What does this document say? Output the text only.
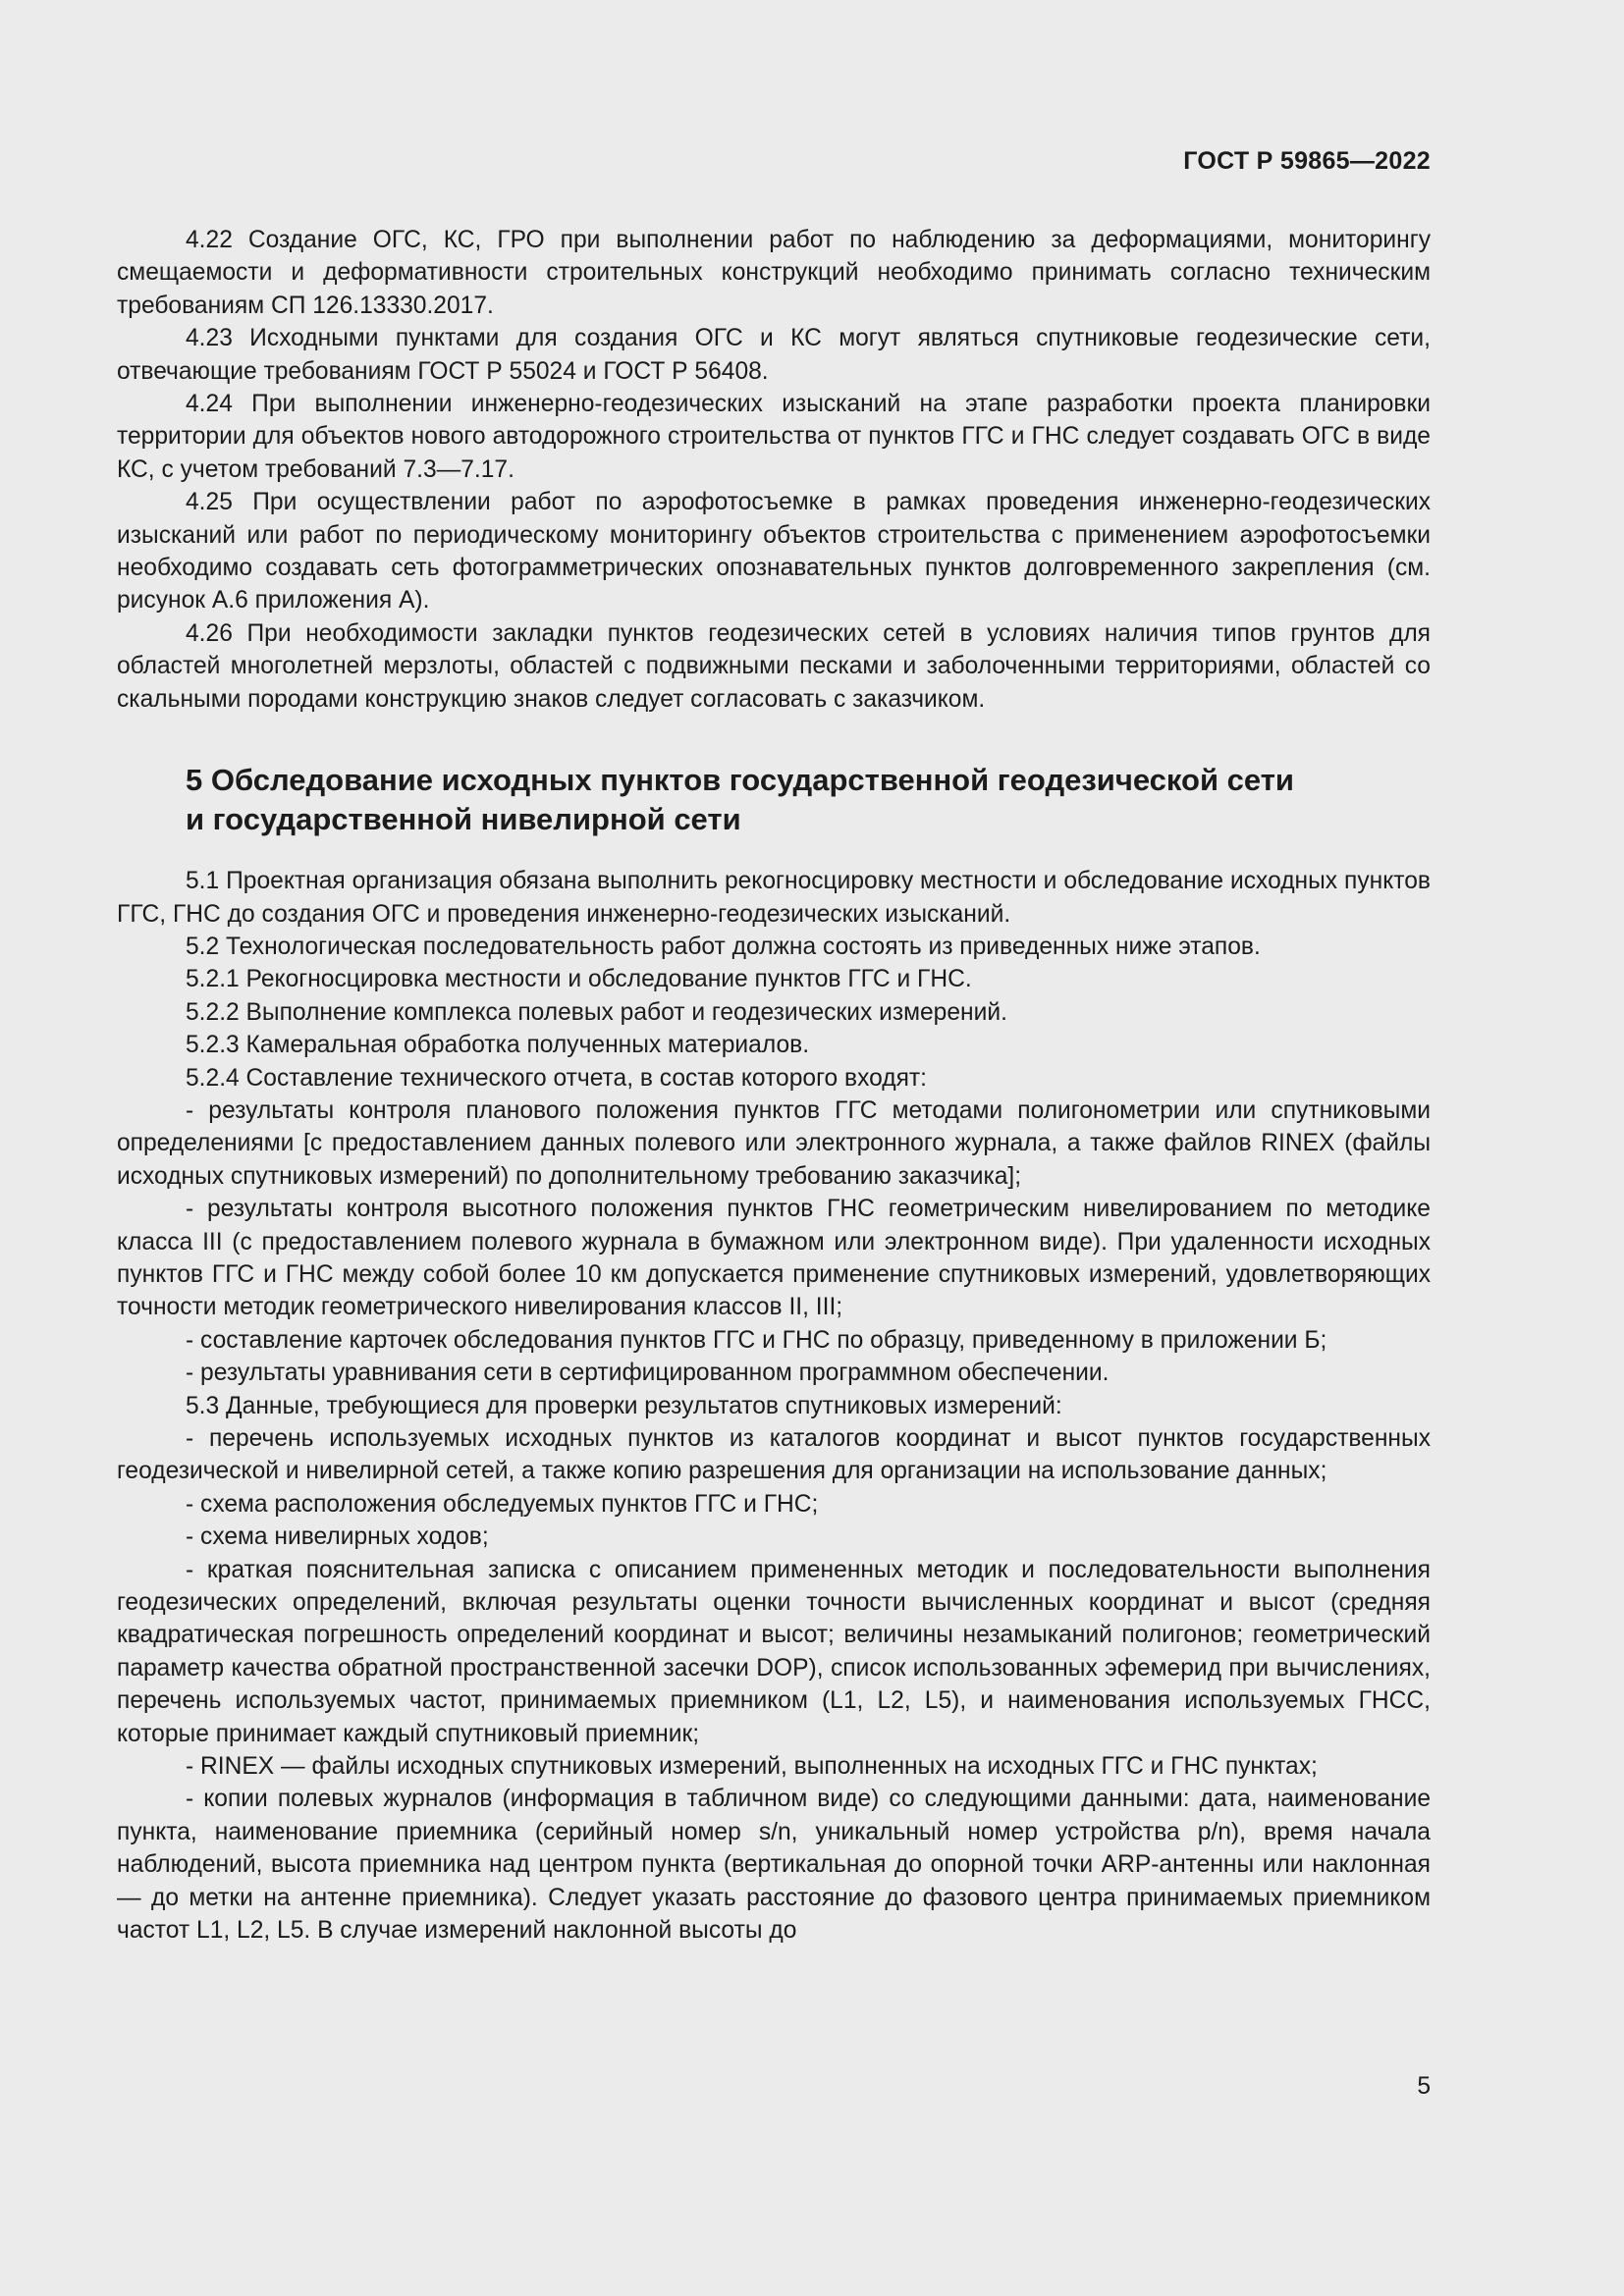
ГОСТ Р 59865—2022

4.22 Создание ОГС, КС, ГРО при выполнении работ по наблюдению за деформациями, мониторингу смещаемости и деформативности строительных конструкций необходимо принимать согласно техническим требованиям СП 126.13330.2017.

4.23 Исходными пунктами для создания ОГС и КС могут являться спутниковые геодезические сети, отвечающие требованиям ГОСТ Р 55024 и ГОСТ Р 56408.

4.24 При выполнении инженерно-геодезических изысканий на этапе разработки проекта планировки территории для объектов нового автодорожного строительства от пунктов ГГС и ГНС следует создавать ОГС в виде КС, с учетом требований 7.3—7.17.

4.25 При осуществлении работ по аэрофотосъемке в рамках проведения инженерно-геодезических изысканий или работ по периодическому мониторингу объектов строительства с применением аэрофотосъемки необходимо создавать сеть фотограмметрических опознавательных пунктов долговременного закрепления (см. рисунок А.6 приложения А).

4.26 При необходимости закладки пунктов геодезических сетей в условиях наличия типов грунтов для областей многолетней мерзлоты, областей с подвижными песками и заболоченными территориями, областей со скальными породами конструкцию знаков следует согласовать с заказчиком.

5 Обследование исходных пунктов государственной геодезической сети
и государственной нивелирной сети

5.1 Проектная организация обязана выполнить рекогносцировку местности и обследование исходных пунктов ГГС, ГНС до создания ОГС и проведения инженерно-геодезических изысканий.

5.2 Технологическая последовательность работ должна состоять из приведенных ниже этапов.

5.2.1 Рекогносцировка местности и обследование пунктов ГГС и ГНС.

5.2.2 Выполнение комплекса полевых работ и геодезических измерений.

5.2.3 Камеральная обработка полученных материалов.

5.2.4 Составление технического отчета, в состав которого входят:

- результаты контроля планового положения пунктов ГГС методами полигонометрии или спутниковыми определениями [с предоставлением данных полевого или электронного журнала, а также файлов RINEX (файлы исходных спутниковых измерений) по дополнительному требованию заказчика];

- результаты контроля высотного положения пунктов ГНС геометрическим нивелированием по методике класса III (с предоставлением полевого журнала в бумажном или электронном виде). При удаленности исходных пунктов ГГС и ГНС между собой более 10 км допускается применение спутниковых измерений, удовлетворяющих точности методик геометрического нивелирования классов II, III;

- составление карточек обследования пунктов ГГС и ГНС по образцу, приведенному в приложении Б;

- результаты уравнивания сети в сертифицированном программном обеспечении.

5.3 Данные, требующиеся для проверки результатов спутниковых измерений:

- перечень используемых исходных пунктов из каталогов координат и высот пунктов государственных геодезической и нивелирной сетей, а также копию разрешения для организации на использование данных;

- схема расположения обследуемых пунктов ГГС и ГНС;

- схема нивелирных ходов;

- краткая пояснительная записка с описанием примененных методик и последовательности выполнения геодезических определений, включая результаты оценки точности вычисленных координат и высот (средняя квадратическая погрешность определений координат и высот; величины незамыканий полигонов; геометрический параметр качества обратной пространственной засечки DOP), список использованных эфемерид при вычислениях, перечень используемых частот, принимаемых приемником (L1, L2, L5), и наименования используемых ГНСС, которые принимает каждый спутниковый приемник;

- RINEX — файлы исходных спутниковых измерений, выполненных на исходных ГГС и ГНС пунктах;

- копии полевых журналов (информация в табличном виде) со следующими данными: дата, наименование пункта, наименование приемника (серийный номер s/n, уникальный номер устройства p/n), время начала наблюдений, высота приемника над центром пункта (вертикальная до опорной точки ARP-антенны или наклонная — до метки на антенне приемника). Следует указать расстояние до фазового центра принимаемых приемником частот L1, L2, L5. В случае измерений наклонной высоты до

5
